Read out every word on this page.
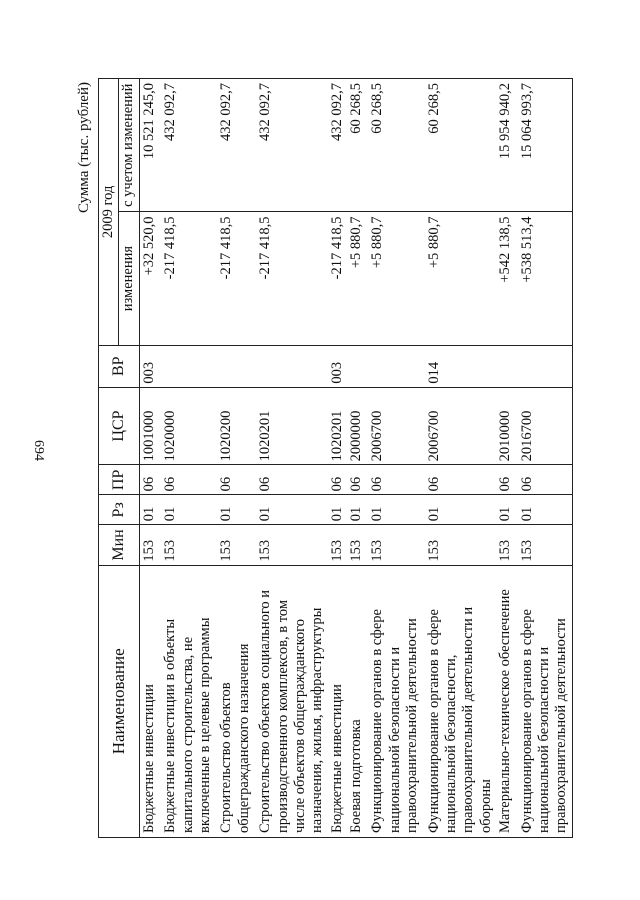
694
Сумма (тыс. рублей)
Наименование	Мин	Рз	ПР	ЦСР	ВР	2009 год	
						изменения	с учетом изменений
Бюджетные инвестиции	153	01	06	1001000	003	+32 520,0	10 521 245,0
Бюджетные инвестиции в объекты капитального строительства, не включенные в целевые программы	153	01	06	1020000		-217 418,5	432 092,7
Строительство объектов общегражданского назначения	153	01	06	1020200		-217 418,5	432 092,7
Строительство объектов социального и производственного комплексов, в том числе объектов общегражданского назначения, жилья, инфраструктуры	153	01	06	1020201		-217 418,5	432 092,7
Бюджетные инвестиции	153	01	06	1020201	003	-217 418,5	432 092,7
Боевая подготовка	153	01	06	2000000		+5 880,7	60 268,5
Функционирование органов в сфере национальной безопасности и правоохранительной деятельности	153	01	06	2006700		+5 880,7	60 268,5
Функционирование органов в сфере национальной безопасности, правоохранительной деятельности и обороны	153	01	06	2006700	014	+5 880,7	60 268,5
Материально-техническое обеспечение	153	01	06	2010000		+542 138,5	15 954 940,2
Функционирование органов в сфере национальной безопасности и правоохранительной деятельности	153	01	06	2016700		+538 513,4	15 064 993,7
